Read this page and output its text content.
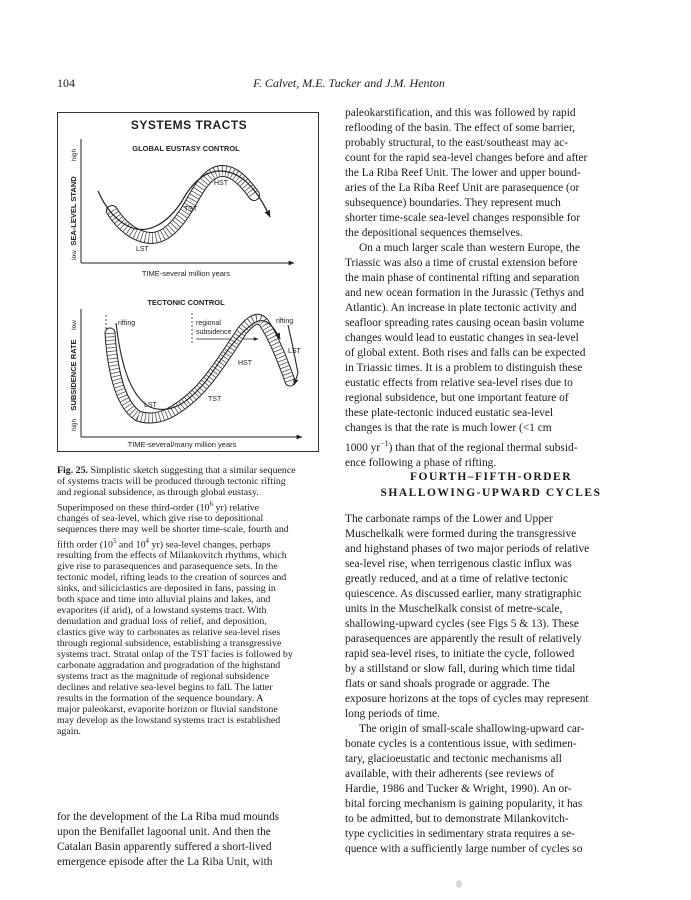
104	F. Calvet, M.E. Tucker and J.M. Henton
SYSTEMS TRACTS
GLOBAL EUSTASY CONTROL
high
SEA-LEVEL STAND
low
TIME-several million years
HST
TST
LST
TECTONIC CONTROL
low
SUBSIDENCE RATE
high
TIME-several/many million years
rifting	regional
subsidence
rifting
LST
TST
HST
LST
Fig. 25. Simplistic sketch suggesting that a similar sequence
of systems tracts will be produced through tectonic rifting
and regional subsidence, as through global eustasy.
Superimposed on these third-order ($10^6$ yr) relative
changes of sea-level, which give rise to depositional
sequences there may well be shorter time-scale, fourth and
fifth order ($10^5$ and $10^4$ yr) sea-level changes, perhaps
resulting from the effects of Milankovitch rhythms, which
give rise to parasequences and parasequence sets. In the
tectonic model, rifting leads to the creation of sources and
sinks, and siliciclastics are deposited in fans, passing in
both space and time into alluvial plains and lakes, and
evaporites (if arid), of a lowstand systems tract. With
denudation and gradual loss of relief, and deposition,
clastics give way to carbonates as relative sea-level rises
through regional subsidence, establishing a transgressive
systems tract. Stratal onlap of the TST facies is followed by
carbonate aggradation and progradation of the highstand
systems tract as the magnitude of regional subsidence
declines and relative sea-level begins to fall. The latter
results in the formation of the sequence boundary. A
major paleokarst, evaporite horizon or fluvial sandstone
may develop as the lowstand systems tract is established
again.
for the development of the La Riba mud mounds
upon the Benifallet lagoonal unit. And then the
Catalan Basin apparently suffered a short-lived
emergence episode after the La Riba Unit, with
paleokarstification, and this was followed by rapid
reflooding of the basin. The effect of some barrier,
probably structural, to the east/southeast may ac-
count for the rapid sea-level changes before and after
the La Riba Reef Unit. The lower and upper bound-
aries of the La Riba Reef Unit are parasequence (or
subsequence) boundaries. They represent much
shorter time-scale sea-level changes responsible for
the depositional sequences themselves.
On a much larger scale than western Europe, the
Triassic was also a time of crustal extension before
the main phase of continental rifting and separation
and new ocean formation in the Jurassic (Tethys and
Atlantic). An increase in plate tectonic activity and
seafloor spreading rates causing ocean basin volume
changes would lead to eustatic changes in sea-level
of global extent. Both rises and falls can be expected
in Triassic times. It is a problem to distinguish these
eustatic effects from relative sea-level rises due to
regional subsidence, but one important feature of
these plate-tectonic induced eustatic sea-level
changes is that the rate is much lower (<1 cm
1000 $yr^{-1}$) than that of the regional thermal subsid-
ence following a phase of rifting.
FOURTH–FIFTH-ORDER
SHALLOWING-UPWARD CYCLES
The carbonate ramps of the Lower and Upper
Muschelkalk were formed during the transgressive
and highstand phases of two major periods of relative
sea-level rise, when terrigenous clastic influx was
greatly reduced, and at a time of relative tectonic
quiescence. As discussed earlier, many stratigraphic
units in the Muschelkalk consist of metre-scale,
shallowing-upward cycles (see Figs 5 & 13). These
parasequences are apparently the result of relatively
rapid sea-level rises, to initiate the cycle, followed
by a stillstand or slow fall, during which time tidal
flats or sand shoals prograde or aggrade. The
exposure horizons at the tops of cycles may represent
long periods of time.
The origin of small-scale shallowing-upward car-
bonate cycles is a contentious issue, with sedimen-
tary, glacioeustatic and tectonic mechanisms all
available, with their adherents (see reviews of
Hardie, 1986 and Tucker & Wright, 1990). An or-
bital forcing mechanism is gaining popularity, it has
to be admitted, but to demonstrate Milankovitch-
type cyclicities in sedimentary strata requires a se-
quence with a sufficiently large number of cycles so
